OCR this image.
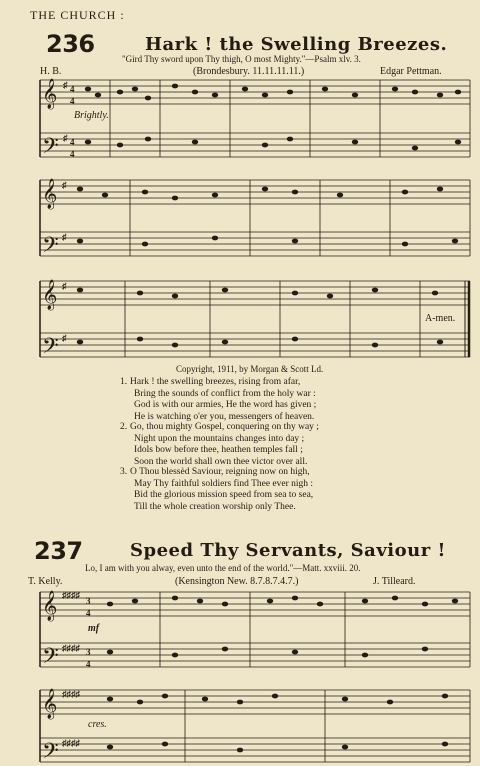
THE CHURCH :
236	Hark ! the Swelling Breezes.
"Gird Thy sword upon Thy thigh, O most Mighty."—Psalm xlv. 3.
H. B.	(Brondesbury. 11.11.11.11.)	Edgar Pettman.
𝄞
𝄢
𝄞
𝄢
𝄞
𝄢
♯ 4
4
♯ 4
4
♯
♯
♯
♯
Brightly.
A-men.
Copyright, 1911, by Morgan & Scott Ld.
1. Hark ! the swelling breezes, rising from afar,
Bring the sounds of conflict from the holy war :
God is with our armies, He the word has given ;
He is watching o'er you, messengers of heaven.
2. Go, thou mighty Gospel, conquering on thy way ;
Night upon the mountains changes into day ;
Idols bow before thee, heathen temples fall ;
Soon the world shall own thee victor over all.
3. O Thou blessèd Saviour, reigning now on high,
May Thy faithful soldiers find Thee ever nigh :
Bid the glorious mission speed from sea to sea,
Till the whole creation worship only Thee.
237	Speed Thy Servants, Saviour !
Lo, I am with you alway, even unto the end of the world."—Matt. xxviii. 20.
T. Kelly.	(Kensington New. 8.7.8.7.4.7.)	J. Tilleard.
𝄞
𝄢
𝄞
𝄢
♯♯♯♯
3
4
♯♯♯♯ 3
4
♯♯♯♯
♯♯♯♯
mf
cres.
